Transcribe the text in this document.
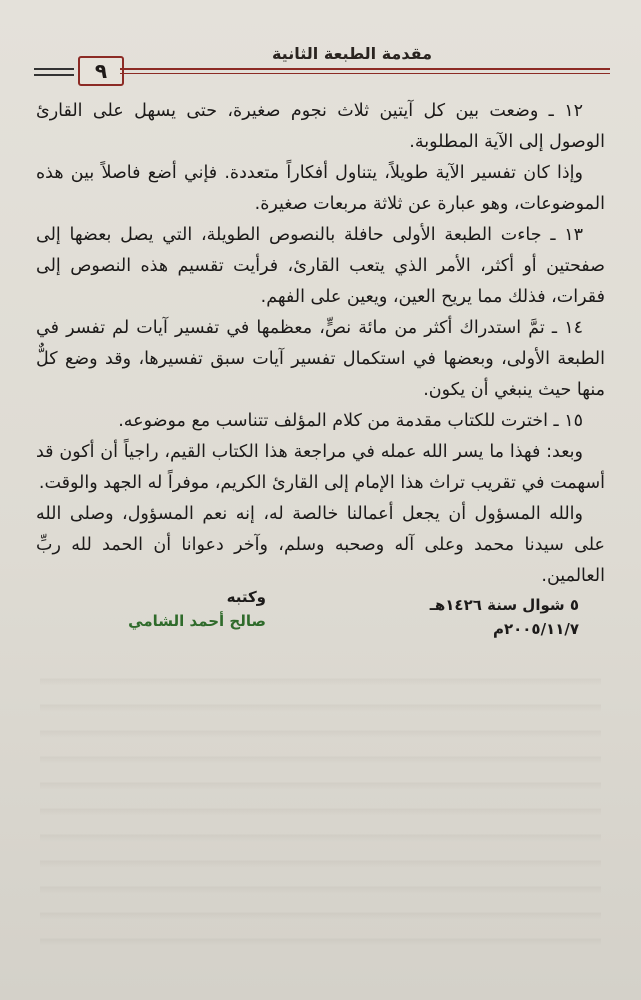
٩
مقدمة الطبعة الثانية

١٢ ـ وضعت بين كل آيتين ثلاث نجوم صغيرة، حتى يسهل على القارئ الوصول إلى الآية المطلوبة.

وإذا كان تفسير الآية طويلاً، يتناول أفكاراً متعددة. فإني أضع فاصلاً بين هذه الموضوعات، وهو عبارة عن ثلاثة مربعات صغيرة.

١٣ ـ جاءت الطبعة الأولى حافلة بالنصوص الطويلة، التي يصل بعضها إلى صفحتين أو أكثر، الأمر الذي يتعب القارئ، فرأيت تقسيم هذه النصوص إلى فقرات، فذلك مما يريح العين، ويعين على الفهم.

١٤ ـ تمَّ استدراك أكثر من مائة نصٍّ، معظمها في تفسير آيات لم تفسر في الطبعة الأولى، وبعضها في استكمال تفسير آيات سبق تفسيرها، وقد وضع كلٌّ منها حيث ينبغي أن يكون.

١٥ ـ اخترت للكتاب مقدمة من كلام المؤلف تتناسب مع موضوعه.

وبعد: فهذا ما يسر الله عمله في مراجعة هذا الكتاب القيم، راجياً أن أكون قد أسهمت في تقريب تراث هذا الإمام إلى القارئ الكريم، موفراً له الجهد والوقت.

والله المسؤول أن يجعل أعمالنا خالصة له، إنه نعم المسؤول، وصلى الله على سيدنا محمد وعلى آله وصحبه وسلم، وآخر دعوانا أن الحمد لله ربِّ العالمين.

وكتبه
صالح أحمد الشامي
٥ شوال سنة ١٤٢٦هـ
٢٠٠٥/١١/٧م
